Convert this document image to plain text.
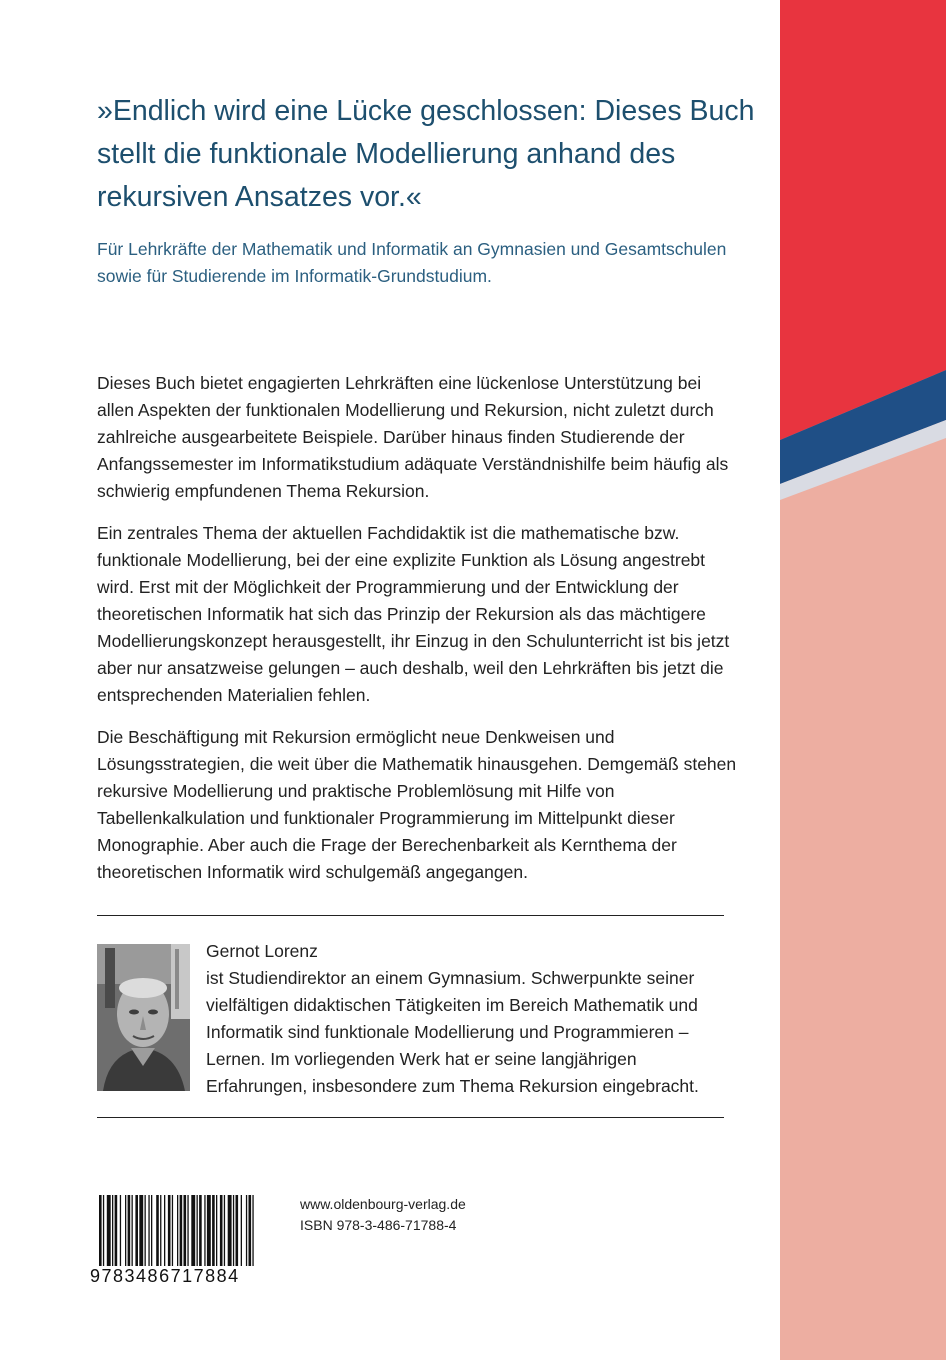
»Endlich wird eine Lücke geschlossen: Dieses Buch stellt die funktionale Modellierung anhand des rekursiven Ansatzes vor.«

Für Lehrkräfte der Mathematik und Informatik an Gymnasien und Gesamtschulen sowie für Studierende im Informatik-Grundstudium.

Dieses Buch bietet engagierten Lehrkräften eine lückenlose Unterstützung bei allen Aspekten der funktionalen Modellierung und Rekursion, nicht zuletzt durch zahlreiche ausgearbeitete Beispiele. Darüber hinaus finden Studierende der Anfangssemester im Informatikstudium adäquate Verständnishilfe beim häufig als schwierig empfundenen Thema Rekursion.

Ein zentrales Thema der aktuellen Fachdidaktik ist die mathematische bzw. funktionale Modellierung, bei der eine explizite Funktion als Lösung angestrebt wird. Erst mit der Möglichkeit der Programmierung und der Entwicklung der theoretischen Informatik hat sich das Prinzip der Rekursion als das mächtigere Modellierungskonzept herausgestellt, ihr Einzug in den Schulunterricht ist bis jetzt aber nur ansatzweise gelungen – auch deshalb, weil den Lehrkräften bis jetzt die entsprechenden Materialien fehlen.

Die Beschäftigung mit Rekursion ermöglicht neue Denkweisen und Lösungsstrategien, die weit über die Mathematik hinausgehen. Demgemäß stehen rekursive Modellierung und praktische Problemlösung mit Hilfe von Tabellenkalkulation und funktionaler Programmierung im Mittelpunkt dieser Monographie. Aber auch die Frage der Berechenbarkeit als Kernthema der theoretischen Informatik wird schulgemäß angegangen.

Gernot Lorenz
ist Studiendirektor an einem Gymnasium. Schwerpunkte seiner vielfältigen didaktischen Tätigkeiten im Bereich Mathematik und Informatik sind funktionale Modellierung und Programmieren – Lernen. Im vorliegenden Werk hat er seine langjährigen Erfahrungen, insbesondere zum Thema Rekursion eingebracht.
9783486717884
www.oldenbourg-verlag.de
ISBN 978-3-486-71788-4
